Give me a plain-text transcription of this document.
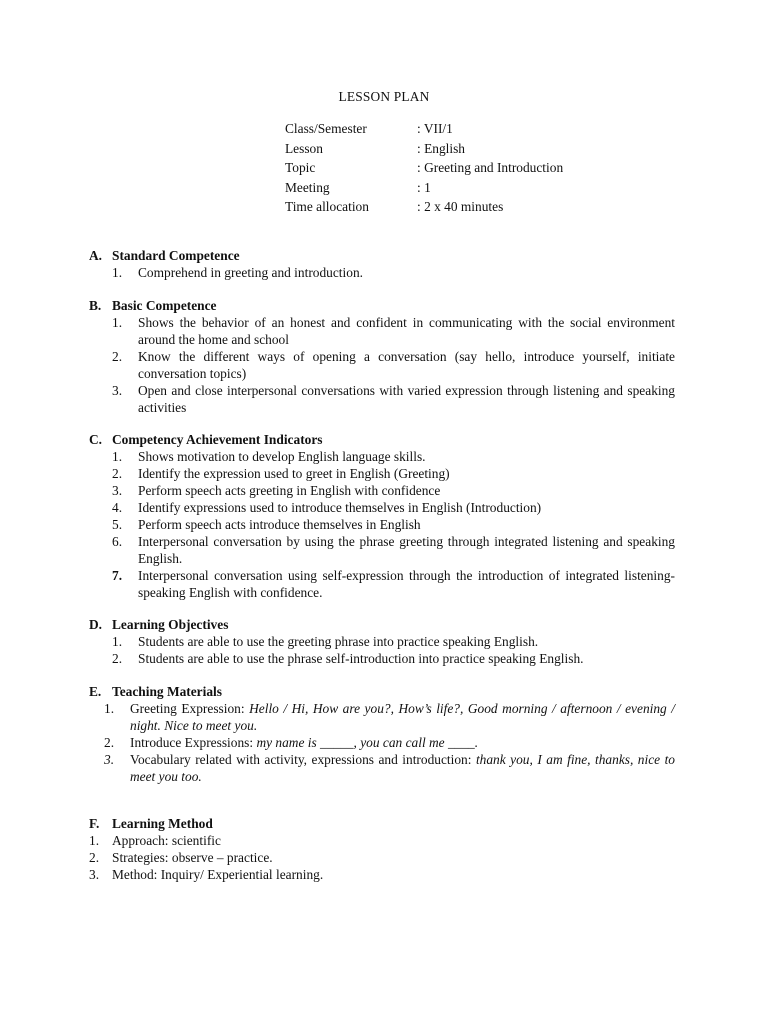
LESSON PLAN
Class/Semester	: VII/1
Lesson	: English
Topic	: Greeting and Introduction
Meeting	: 1
Time allocation	: 2 x 40 minutes
A. Standard Competence
1.	Comprehend in greeting and introduction.
B. Basic Competence
1.	Shows the behavior of an honest and confident in communicating with the social environment around the home and school
2.	Know the different ways of opening a conversation (say hello, introduce yourself, initiate conversation topics)
3.	Open and close interpersonal conversations with varied expression through listening and speaking activities
C. Competency Achievement Indicators
1.	Shows motivation to develop English language skills.
2.	Identify the expression used to greet in English (Greeting)
3.	Perform speech acts greeting in English with confidence
4.	Identify expressions used to introduce themselves in English (Introduction)
5.	Perform speech acts introduce themselves in English
6.	Interpersonal conversation by using the phrase greeting through integrated listening and speaking English.
7.	Interpersonal conversation using self-expression through the introduction of integrated listening-speaking English with confidence.
D. Learning Objectives
1.	Students are able to use the greeting phrase into practice speaking English.
2.	Students are able to use the phrase self-introduction into practice speaking English.
E. Teaching Materials
1.	Greeting Expression: Hello / Hi, How are you?, How’s life?, Good morning / afternoon / evening / night. Nice to meet you.
2.	Introduce Expressions: my name is _____, you can call me ____.
3.	Vocabulary related with activity, expressions and introduction: thank you, I am fine, thanks, nice to meet you too.
F. Learning Method
1. Approach: scientific
2. Strategies: observe – practice.
3. Method: Inquiry/ Experiential learning.
